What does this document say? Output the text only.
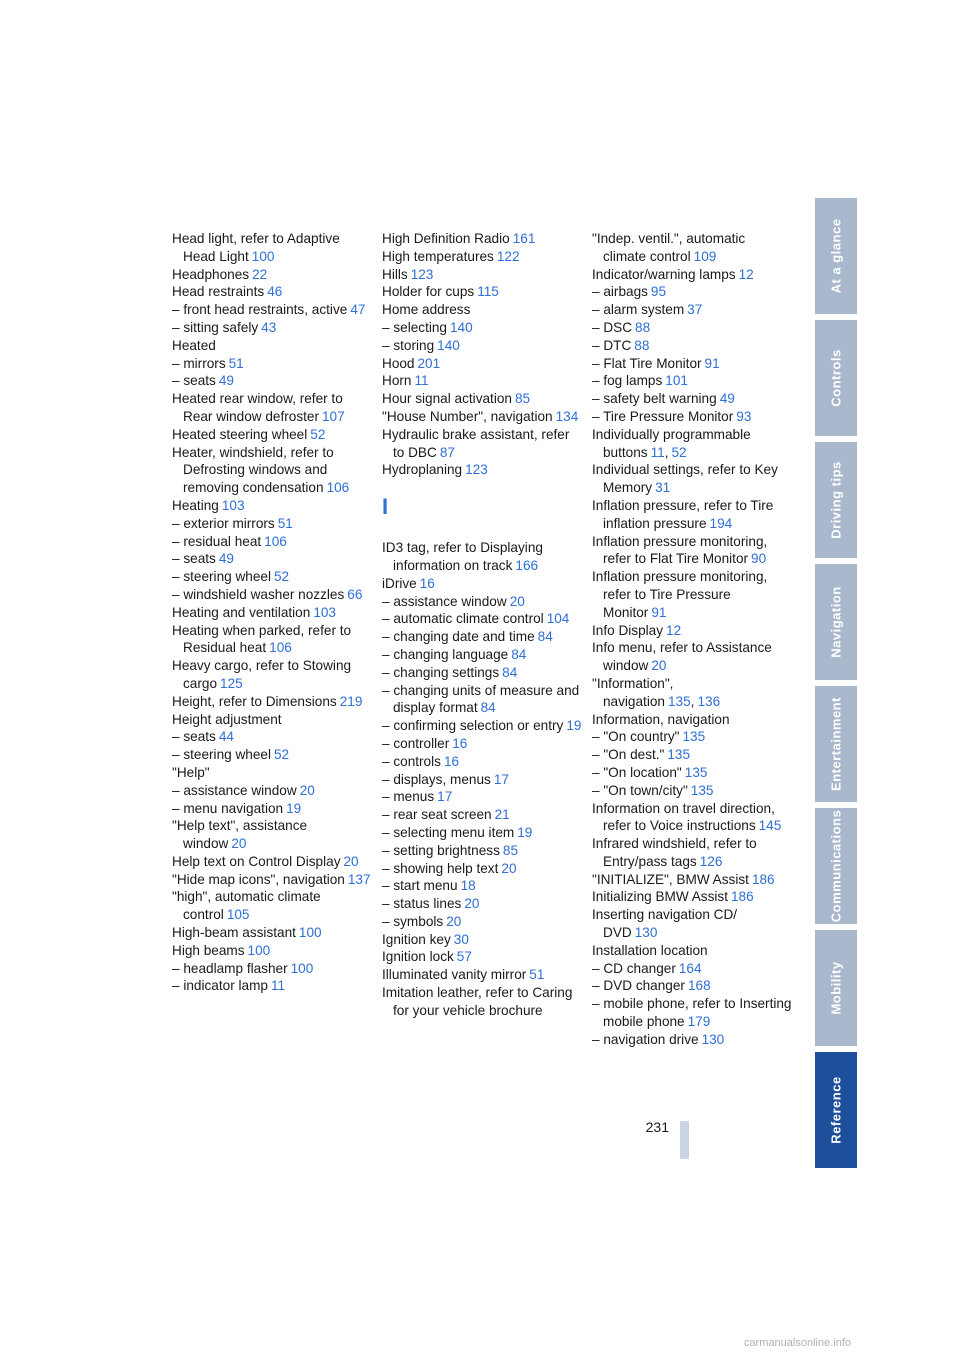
Head light, refer to Adaptive Head Light 100
Headphones 22
Head restraints 46
– front head restraints, active 47
– sitting safely 43
Heated
– mirrors 51
– seats 49
Heated rear window, refer to Rear window defroster 107
Heated steering wheel 52
Heater, windshield, refer to Defrosting windows and removing condensation 106
Heating 103
– exterior mirrors 51
– residual heat 106
– seats 49
– steering wheel 52
– windshield washer nozzles 66
Heating and ventilation 103
Heating when parked, refer to Residual heat 106
Heavy cargo, refer to Stowing cargo 125
Height, refer to Dimensions 219
Height adjustment
– seats 44
– steering wheel 52
"Help"
– assistance window 20
– menu navigation 19
"Help text", assistance window 20
Help text on Control Display 20
"Hide map icons", navigation 137
"high", automatic climate control 105
High-beam assistant 100
High beams 100
– headlamp flasher 100
– indicator lamp 11
High Definition Radio 161
High temperatures 122
Hills 123
Holder for cups 115
Home address
– selecting 140
– storing 140
Hood 201
Horn 11
Hour signal activation 85
"House Number", navigation 134
Hydraulic brake assistant, refer to DBC 87
Hydroplaning 123
I
ID3 tag, refer to Displaying information on track 166
iDrive 16
– assistance window 20
– automatic climate control 104
– changing date and time 84
– changing language 84
– changing settings 84
– changing units of measure and display format 84
– confirming selection or entry 19
– controller 16
– controls 16
– displays, menus 17
– menus 17
– rear seat screen 21
– selecting menu item 19
– setting brightness 85
– showing help text 20
– start menu 18
– status lines 20
– symbols 20
Ignition key 30
Ignition lock 57
Illuminated vanity mirror 51
Imitation leather, refer to Caring for your vehicle brochure
"Indep. ventil.", automatic climate control 109
Indicator/warning lamps 12
– airbags 95
– alarm system 37
– DSC 88
– DTC 88
– Flat Tire Monitor 91
– fog lamps 101
– safety belt warning 49
– Tire Pressure Monitor 93
Individually programmable buttons 11, 52
Individual settings, refer to Key Memory 31
Inflation pressure, refer to Tire inflation pressure 194
Inflation pressure monitoring, refer to Flat Tire Monitor 90
Inflation pressure monitoring, refer to Tire Pressure Monitor 91
Info Display 12
Info menu, refer to Assistance window 20
"Information", navigation 135, 136
Information, navigation
– "On country" 135
– "On dest." 135
– "On location" 135
– "On town/city" 135
Information on travel direction, refer to Voice instructions 145
Infrared windshield, refer to Entry/pass tags 126
"INITIALIZE", BMW Assist 186
Initializing BMW Assist 186
Inserting navigation CD/ DVD 130
Installation location
– CD changer 164
– DVD changer 168
– mobile phone, refer to Inserting mobile phone 179
– navigation drive 130
At a glance
Controls
Driving tips
Navigation
Entertainment
Communications
Mobility
Reference
231
carmanualsonline.info
